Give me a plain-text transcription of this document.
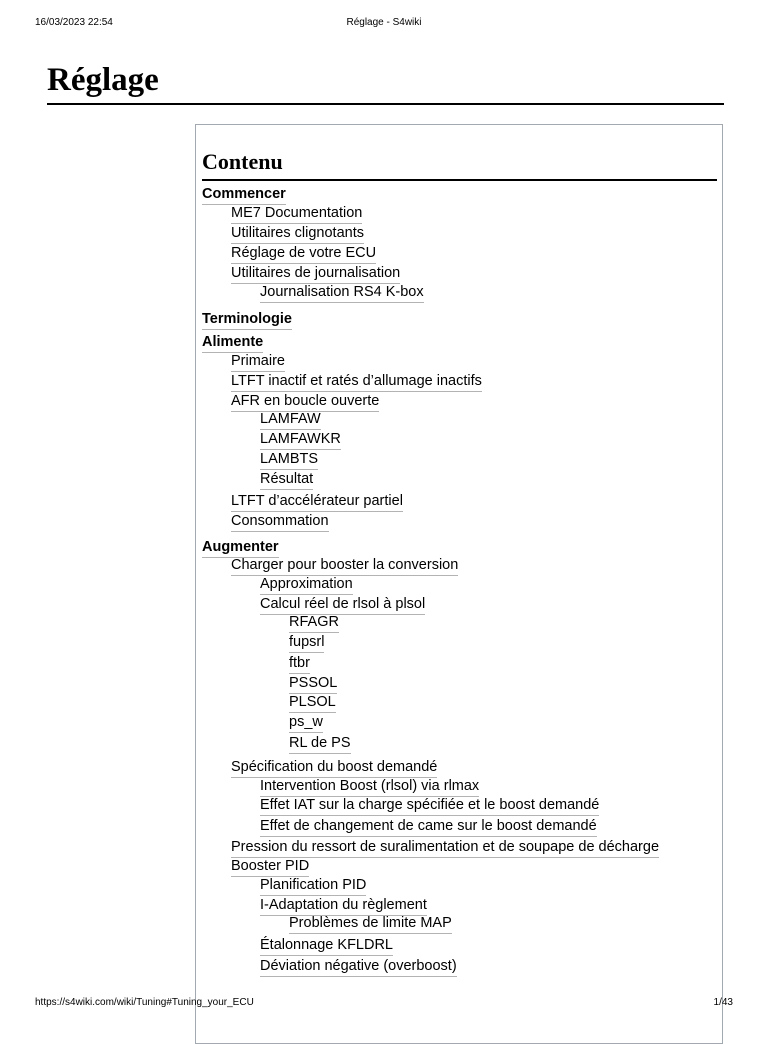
16/03/2023 22:54	Réglage - S4wiki
Réglage
Contenu
Commencer
ME7 Documentation
Utilitaires clignotants
Réglage de votre ECU
Utilitaires de journalisation
Journalisation RS4 K-box
Terminologie
Alimente
Primaire
LTFT inactif et ratés d’allumage inactifs
AFR en boucle ouverte
LAMFAW
LAMFAWKR
LAMBTS
Résultat
LTFT d’accélérateur partiel
Consommation
Augmenter
Charger pour booster la conversion
Approximation
Calcul réel de rlsol à plsol
RFAGR
fupsrl
ftbr
PSSOL
PLSOL
ps_w
RL de PS
Spécification du boost demandé
Intervention Boost (rlsol) via rlmax
Effet IAT sur la charge spécifiée et le boost demandé
Effet de changement de came sur le boost demandé
Pression du ressort de suralimentation et de soupape de décharge
Booster PID
Planification PID
I-Adaptation du règlement
Problèmes de limite MAP
Étalonnage KFLDRL
Déviation négative (overboost)
https://s4wiki.com/wiki/Tuning#Tuning_your_ECU	1/43
